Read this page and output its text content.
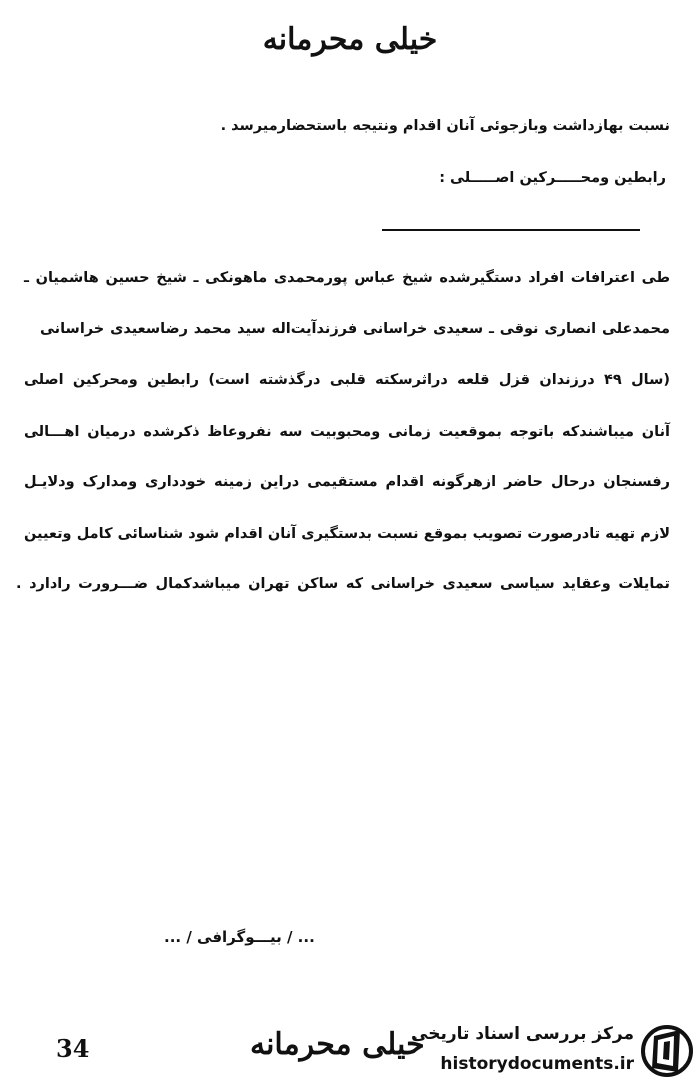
خیلی محرمانه
نسبت بهازداشت وبازجوئی آنان اقدام ونتیجه باستحضارمیرسد .
رابطین ومحـــــرکین اصـــــلی :
طی اعترافات افراد دستگیرشده شیخ عباس پورمحمدی ماهونکی ـ شیخ حسین هاشمیان ـ
محمدعلی انصاری نوقی ـ سعیدی خراسانی فرزندآیت‌اله سید محمد رضاسعیدی خراسانی
(سال ۴۹ درزندان قزل قلعه دراثرسکته قلبی درگذشته است) رابطین ومحرکین اصلی
آنان میباشندکه باتوجه بموقعیت زمانی ومحبوبیت سه نفروعاظ ذکرشده درمیان اهـــالی
رفسنجان درحال حاضر ازهرگونه اقدام مستقیمی دراین زمینه خودداری ومدارک ودلایـل
لازم تهیه تادرصورت تصویب بموقع نسبت بدستگیری آنان اقدام شود شناسائی کامل وتعیین
تمایلات وعقاید سیاسی سعیدی خراسانی که ساکن تهران میباشدکمال ضـــرورت رادارد .
... / بیـــوگرافی / ...
34	خیلی محرمانه
مرکز بررسی اسناد تاریخی
historydocuments.ir
